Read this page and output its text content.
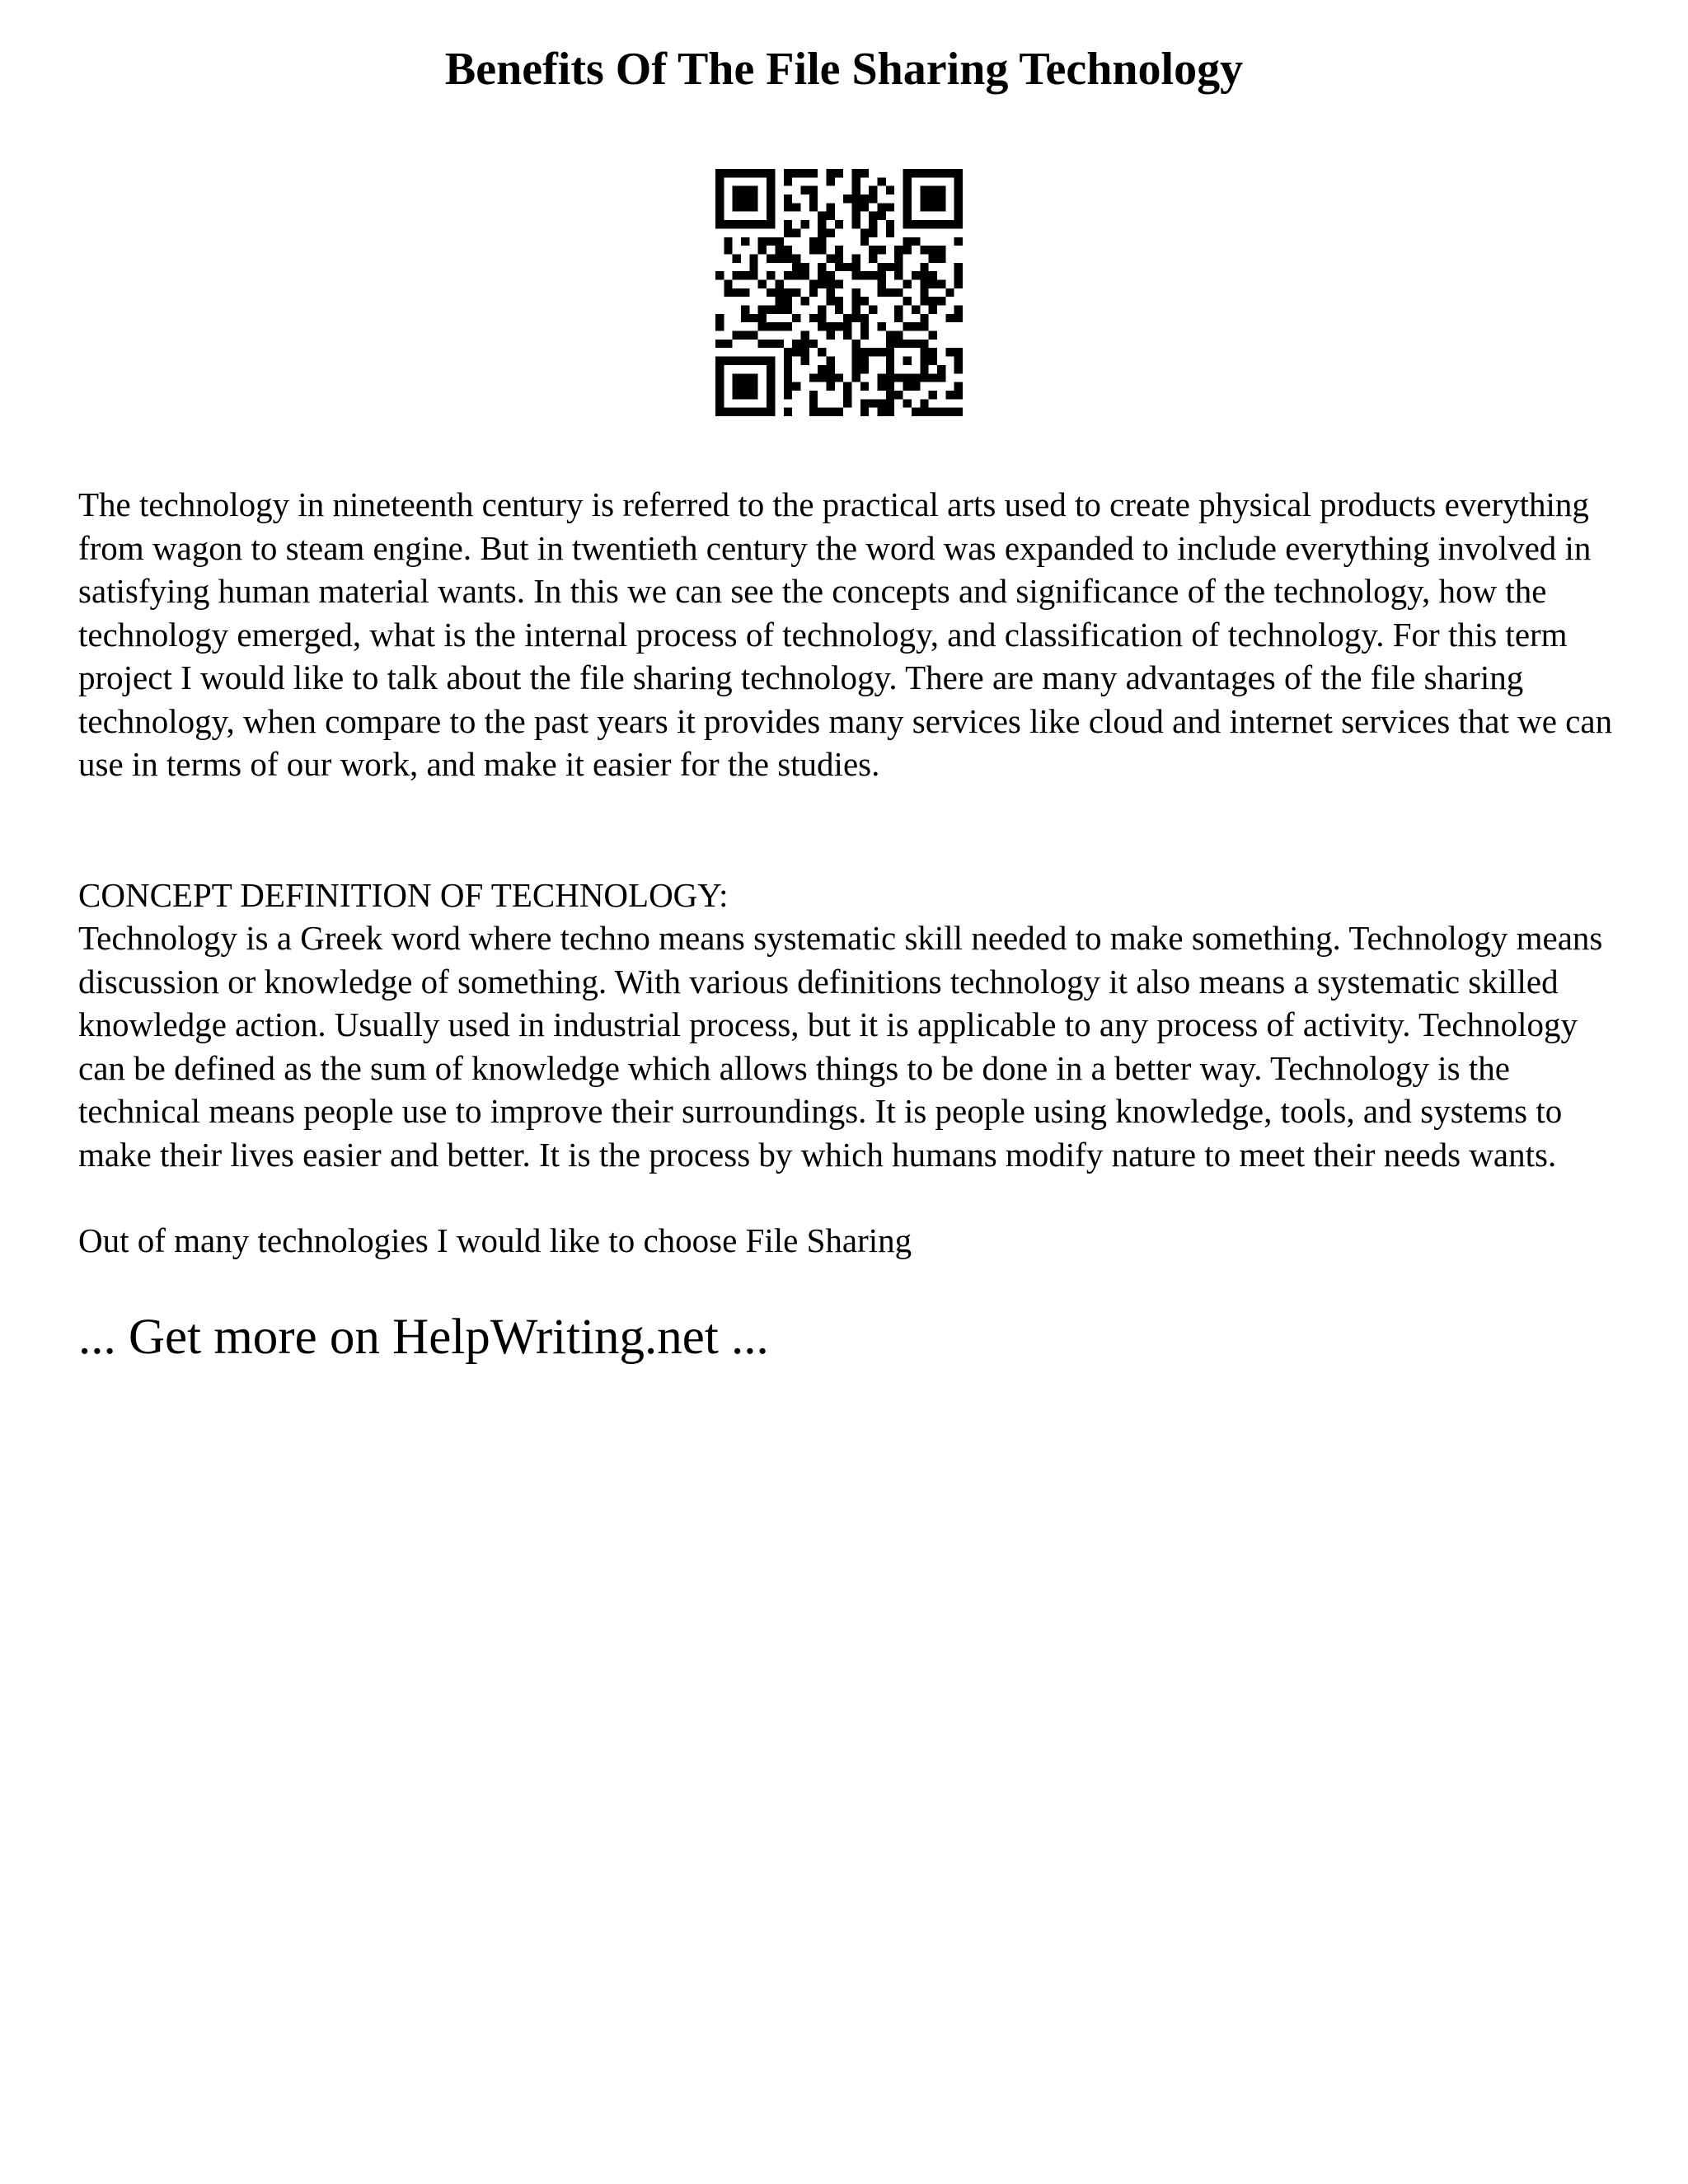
Benefits Of The File Sharing Technology

The technology in nineteenth century is referred to the practical arts used to create physical products everything from wagon to steam engine. But in twentieth century the word was expanded to include everything involved in satisfying human material wants. In this we can see the concepts and significance of the technology, how the technology emerged, what is the internal process of technology, and classification of technology. For this term project I would like to talk about the file sharing technology. There are many advantages of the file sharing technology, when compare to the past years it provides many services like cloud and internet services that we can use in terms of our work, and make it easier for the studies.

CONCEPT DEFINITION OF TECHNOLOGY:

Technology is a Greek word where techno means systematic skill needed to make something. Technology means discussion or knowledge of something. With various definitions technology it also means a systematic skilled knowledge action. Usually used in industrial process, but it is applicable to any process of activity. Technology can be defined as the sum of knowledge which allows things to be done in a better way. Technology is the technical means people use to improve their surroundings. It is people using knowledge, tools, and systems to make their lives easier and better. It is the process by which humans modify nature to meet their needs wants.

Out of many technologies I would like to choose File Sharing

... Get more on HelpWriting.net ...
